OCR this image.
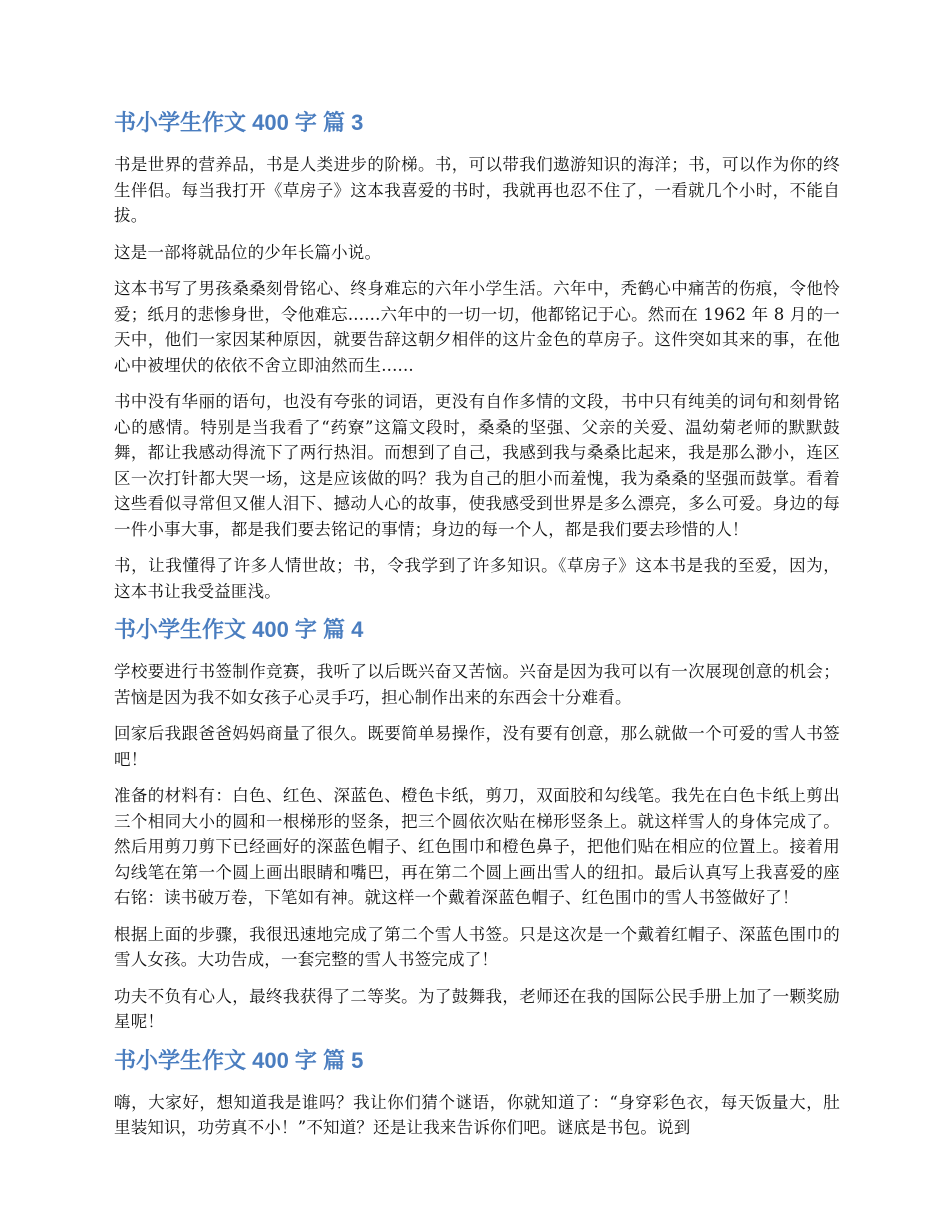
书小学生作文 400 字 篇 3

书是世界的营养品，书是人类进步的阶梯。书，可以带我们遨游知识的海洋；书，可以作为你的终生伴侣。每当我打开《草房子》这本我喜爱的书时，我就再也忍不住了，一看就几个小时，不能自拔。

这是一部将就品位的少年长篇小说。

这本书写了男孩桑桑刻骨铭心、终身难忘的六年小学生活。六年中，秃鹤心中痛苦的伤痕，令他怜爱；纸月的悲惨身世，令他难忘......六年中的一切一切，他都铭记于心。然而在 1962 年 8 月的一天中，他们一家因某种原因，就要告辞这朝夕相伴的这片金色的草房子。这件突如其来的事，在他心中被埋伏的依依不舍立即油然而生......

书中没有华丽的语句，也没有夸张的词语，更没有自作多情的文段，书中只有纯美的词句和刻骨铭心的感情。特别是当我看了“药寮”这篇文段时，桑桑的坚强、父亲的关爱、温幼菊老师的默默鼓舞，都让我感动得流下了两行热泪。而想到了自己，我感到我与桑桑比起来，我是那么渺小，连区区一次打针都大哭一场，这是应该做的吗？我为自己的胆小而羞愧，我为桑桑的坚强而鼓掌。看着这些看似寻常但又催人泪下、撼动人心的故事，使我感受到世界是多么漂亮，多么可爱。身边的每一件小事大事，都是我们要去铭记的事情；身边的每一个人，都是我们要去珍惜的人！

书，让我懂得了许多人情世故；书，令我学到了许多知识。《草房子》这本书是我的至爱，因为，这本书让我受益匪浅。

书小学生作文 400 字 篇 4

学校要进行书签制作竞赛，我听了以后既兴奋又苦恼。兴奋是因为我可以有一次展现创意的机会；苦恼是因为我不如女孩子心灵手巧，担心制作出来的东西会十分难看。

回家后我跟爸爸妈妈商量了很久。既要简单易操作，没有要有创意，那么就做一个可爱的雪人书签吧！

准备的材料有：白色、红色、深蓝色、橙色卡纸，剪刀，双面胶和勾线笔。我先在白色卡纸上剪出三个相同大小的圆和一根梯形的竖条，把三个圆依次贴在梯形竖条上。就这样雪人的身体完成了。然后用剪刀剪下已经画好的深蓝色帽子、红色围巾和橙色鼻子，把他们贴在相应的位置上。接着用勾线笔在第一个圆上画出眼睛和嘴巴，再在第二个圆上画出雪人的纽扣。最后认真写上我喜爱的座右铭：读书破万卷，下笔如有神。就这样一个戴着深蓝色帽子、红色围巾的雪人书签做好了！

根据上面的步骤，我很迅速地完成了第二个雪人书签。只是这次是一个戴着红帽子、深蓝色围巾的雪人女孩。大功告成，一套完整的雪人书签完成了！

功夫不负有心人，最终我获得了二等奖。为了鼓舞我，老师还在我的国际公民手册上加了一颗奖励星呢！

书小学生作文 400 字 篇 5

嗨，大家好，想知道我是谁吗？我让你们猜个谜语，你就知道了：“身穿彩色衣，每天饭量大，肚里装知识，功劳真不小！”不知道？还是让我来告诉你们吧。谜底是书包。说到
